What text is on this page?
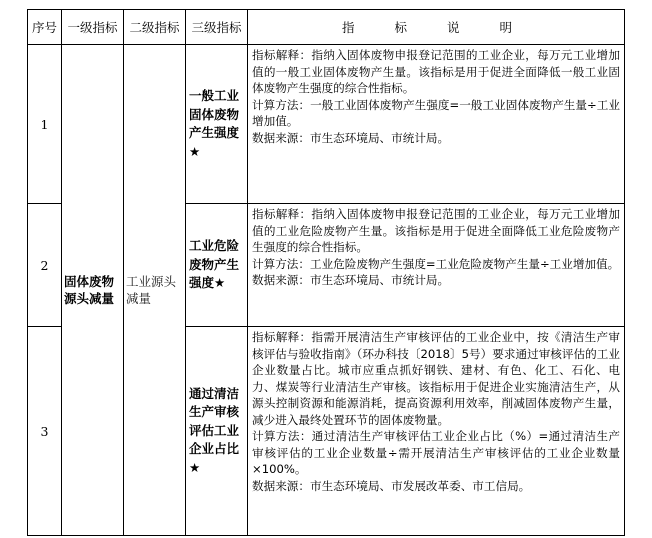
序号	一级指标	二级指标	三级指标	指 标 说 明
1	固体废物源头减量	工业源头减量	一般工业固体废物产生强度★	指标解释：指纳入固体废物申报登记范围的工业企业，每万元工业增加值的一般工业固体废物产生量。该指标是用于促进全面降低一般工业固体废物产生强度的综合性指标。

计算方法：一般工业固体废物产生强度=一般工业固体废物产生量÷工业增加值。

数据来源：市生态环境局、市统计局。

2			工业危险废物产生强度★	指标解释：指纳入固体废物申报登记范围的工业企业，每万元工业增加值的工业危险废物产生量。该指标是用于促进全面降低工业危险废物产生强度的综合性指标。

计算方法：工业危险废物产生强度=工业危险废物产生量÷工业增加值。

数据来源：市生态环境局、市统计局。

3			通过清洁生产审核评估工业企业占比★	指标解释：指需开展清洁生产审核评估的工业企业中，按《清洁生产审核评估与验收指南》（环办科技〔2018〕5号）要求通过审核评估的工业企业数量占比。城市应重点抓好钢铁、建材、有色、化工、石化、电力、煤炭等行业清洁生产审核。该指标用于促进企业实施清洁生产，从源头控制资源和能源消耗，提高资源利用效率，削减固体废物产生量，减少进入最终处置环节的固体废物量。

计算方法：通过清洁生产审核评估工业企业占比（%）=通过清洁生产审核评估的工业企业数量÷需开展清洁生产审核评估的工业企业数量×100%。

数据来源：市生态环境局、市发展改革委、市工信局。
